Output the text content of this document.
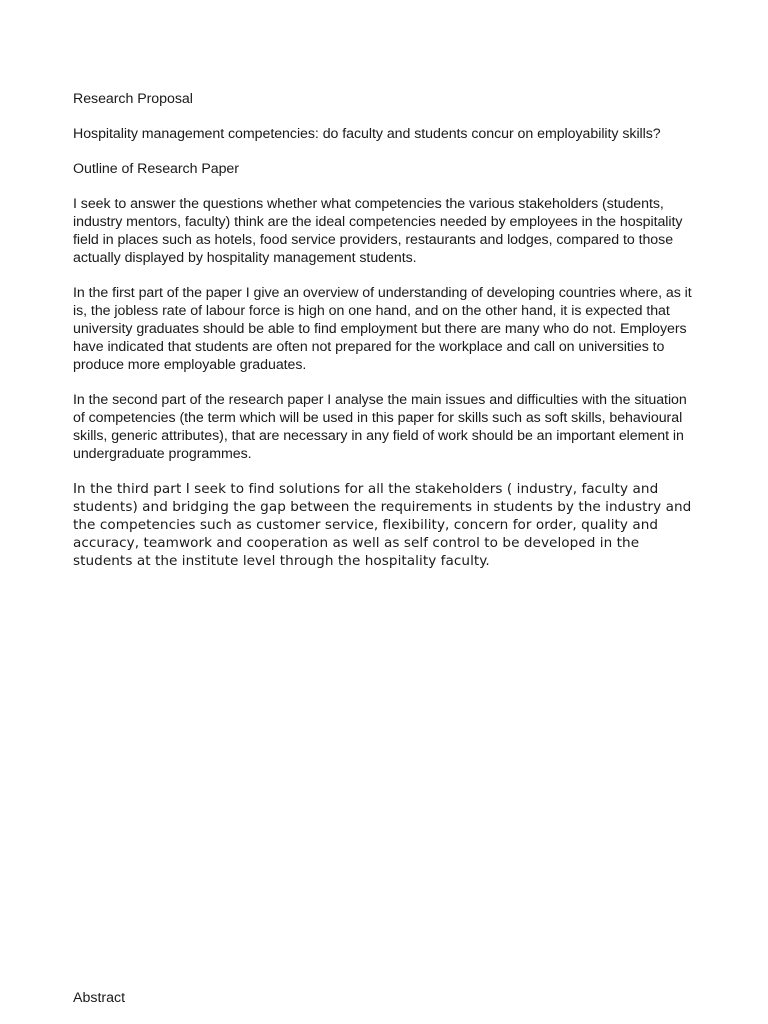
Research Proposal

Hospitality management competencies: do faculty and students concur on employability skills?

Outline of Research Paper

I seek to answer the questions whether what competencies the various stakeholders (students, industry mentors, faculty) think are the ideal competencies needed by employees in the hospitality field in places such as hotels, food service providers, restaurants and lodges, compared to those actually displayed by hospitality management students.

In the first part of the paper I give an overview of understanding of developing countries where, as it is, the jobless rate of labour force is high on one hand, and on the other hand, it is expected that university graduates should be able to find employment but there are many who do not. Employers have indicated that students are often not prepared for the workplace and call on universities to produce more employable graduates.

In the second part of the research paper I analyse the main issues and difficulties with the situation of competencies (the term which will be used in this paper for skills such as soft skills, behavioural skills, generic attributes), that are necessary in any field of work should be an important element in undergraduate programmes.

In the third part I seek to find solutions for all the stakeholders ( industry, faculty and students) and bridging the gap between the requirements in students by the industry and the competencies such as customer service, flexibility, concern for order, quality and accuracy, teamwork and cooperation as well as self control to be developed in the students at the institute level through the hospitality faculty.

Abstract
